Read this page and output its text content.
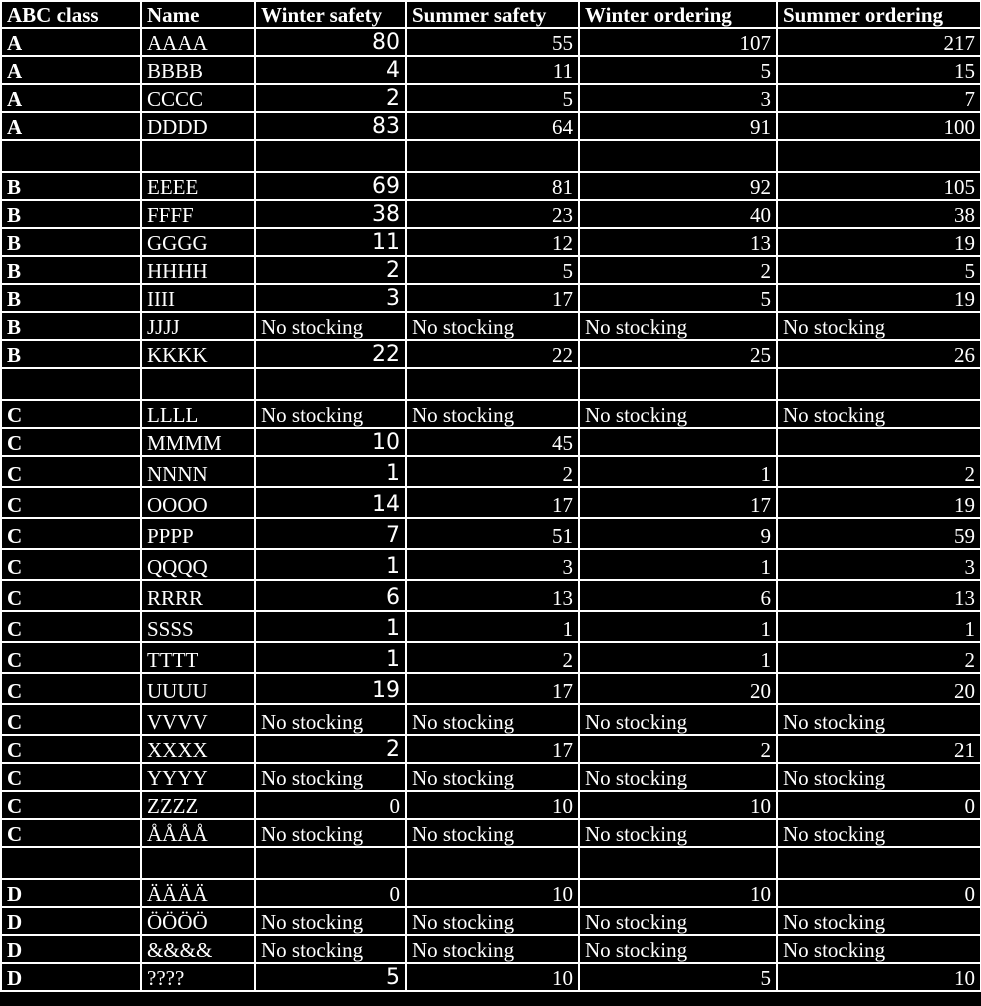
ABC class	Name	Winter safety	Summer safety	Winter ordering	Summer ordering
A	AAAA	80	55	107	217
A	BBBB	4	11	5	15
A	CCCC	2	5	3	7
A	DDDD	83	64	91	100

B	EEEE	69	81	92	105
B	FFFF	38	23	40	38
B	GGGG	11	12	13	19
B	HHHH	2	5	2	5
B	IIII	3	17	5	19
B	JJJJ	No stocking	No stocking	No stocking	No stocking
B	KKKK	22	22	25	26

C	LLLL	No stocking	No stocking	No stocking	No stocking
C	MMMM	10	45		
C	NNNN	1	2	1	2
C	OOOO	14	17	17	19
C	PPPP	7	51	9	59
C	QQQQ	1	3	1	3
C	RRRR	6	13	6	13
C	SSSS	1	1	1	1
C	TTTT	1	2	1	2
C	UUUU	19	17	20	20
C	VVVV	No stocking	No stocking	No stocking	No stocking
C	XXXX	2	17	2	21
C	YYYY	No stocking	No stocking	No stocking	No stocking
C	ZZZZ	0	10	10	0
C	ÅÅÅÅ	No stocking	No stocking	No stocking	No stocking

D	ÄÄÄÄ	0	10	10	0
D	ÖÖÖÖ	No stocking	No stocking	No stocking	No stocking
D	&&&&	No stocking	No stocking	No stocking	No stocking
D	????	5	10	5	10
